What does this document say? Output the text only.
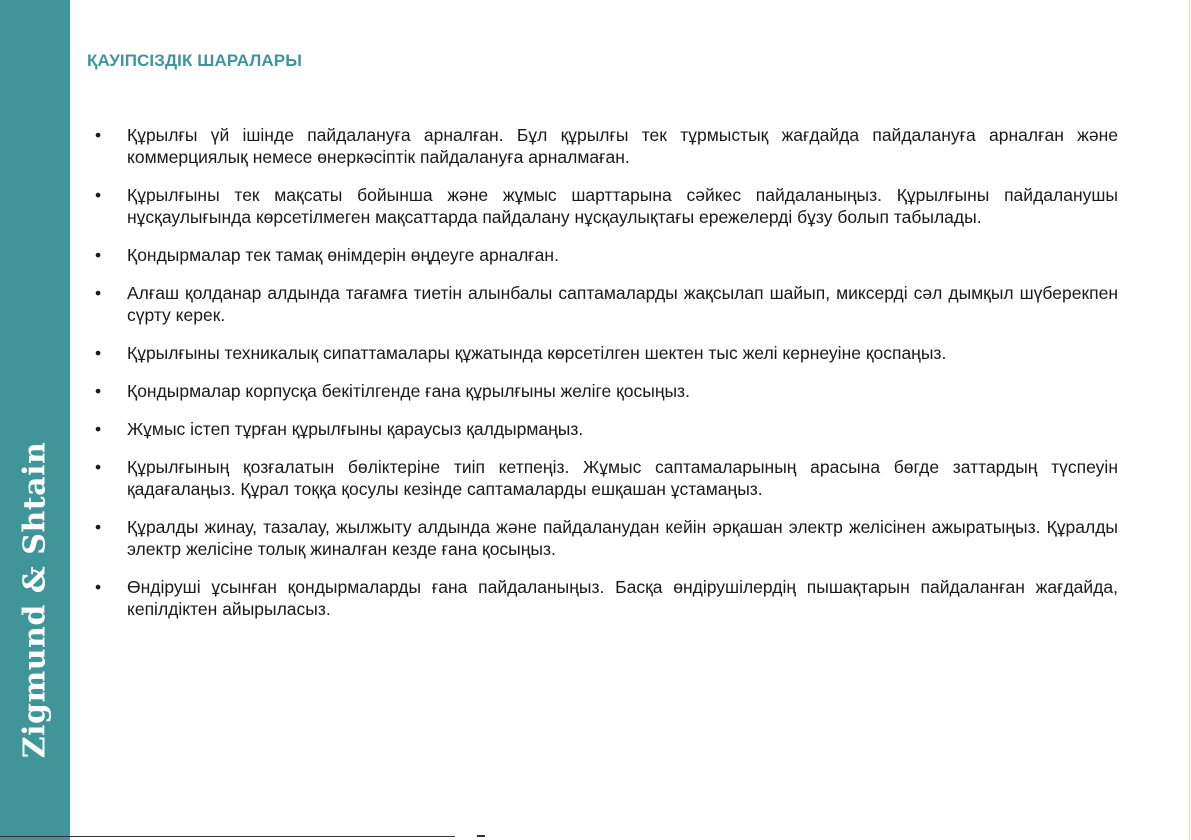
Zigmund & Shtain
ҚАУІПСІЗДІК ШАРАЛАРЫ
• Құрылғы үй ішінде пайдалануға арналған. Бұл құрылғы тек тұрмыстық жағдайда пайдалануға арналған және коммерциялық немесе өнеркәсіптік пайдалануға арналмаған.
• Құрылғыны тек мақсаты бойынша және жұмыс шарттарына сәйкес пайдаланыңыз. Құрылғыны пайдаланушы нұсқаулығында көрсетілмеген мақсаттарда пайдалану нұсқаулықтағы ережелерді бұзу болып табылады.
• Қондырмалар тек тамақ өнімдерін өңдеуге арналған.
• Алғаш қолданар алдында тағамға тиетін алынбалы саптамаларды жақсылап шайып, миксерді сәл дымқыл шүберекпен сүрту керек.
• Құрылғыны техникалық сипаттамалары құжатында көрсетілген шектен тыс желі кернеуіне қоспаңыз.
• Қондырмалар корпусқа бекітілгенде ғана құрылғыны желіге қосыңыз.
• Жұмыс істеп тұрған құрылғыны қараусыз қалдырмаңыз.
• Құрылғының қозғалатын бөліктеріне тиіп кетпеңіз. Жұмыс саптамаларының арасына бөгде заттардың түспеуін қадағалаңыз. Құрал тоққа қосулы кезінде саптамаларды ешқашан ұстамаңыз.
• Құралды жинау, тазалау, жылжыту алдында және пайдаланудан кейін әрқашан электр желісінен ажыратыңыз. Құралды электр желісіне толық жиналған кезде ғана қосыңыз.
• Өндіруші ұсынған қондырмаларды ғана пайдаланыңыз. Басқа өндірушілердің пышақтарын пайдаланған жағдайда, кепілдіктен айырыласыз.
